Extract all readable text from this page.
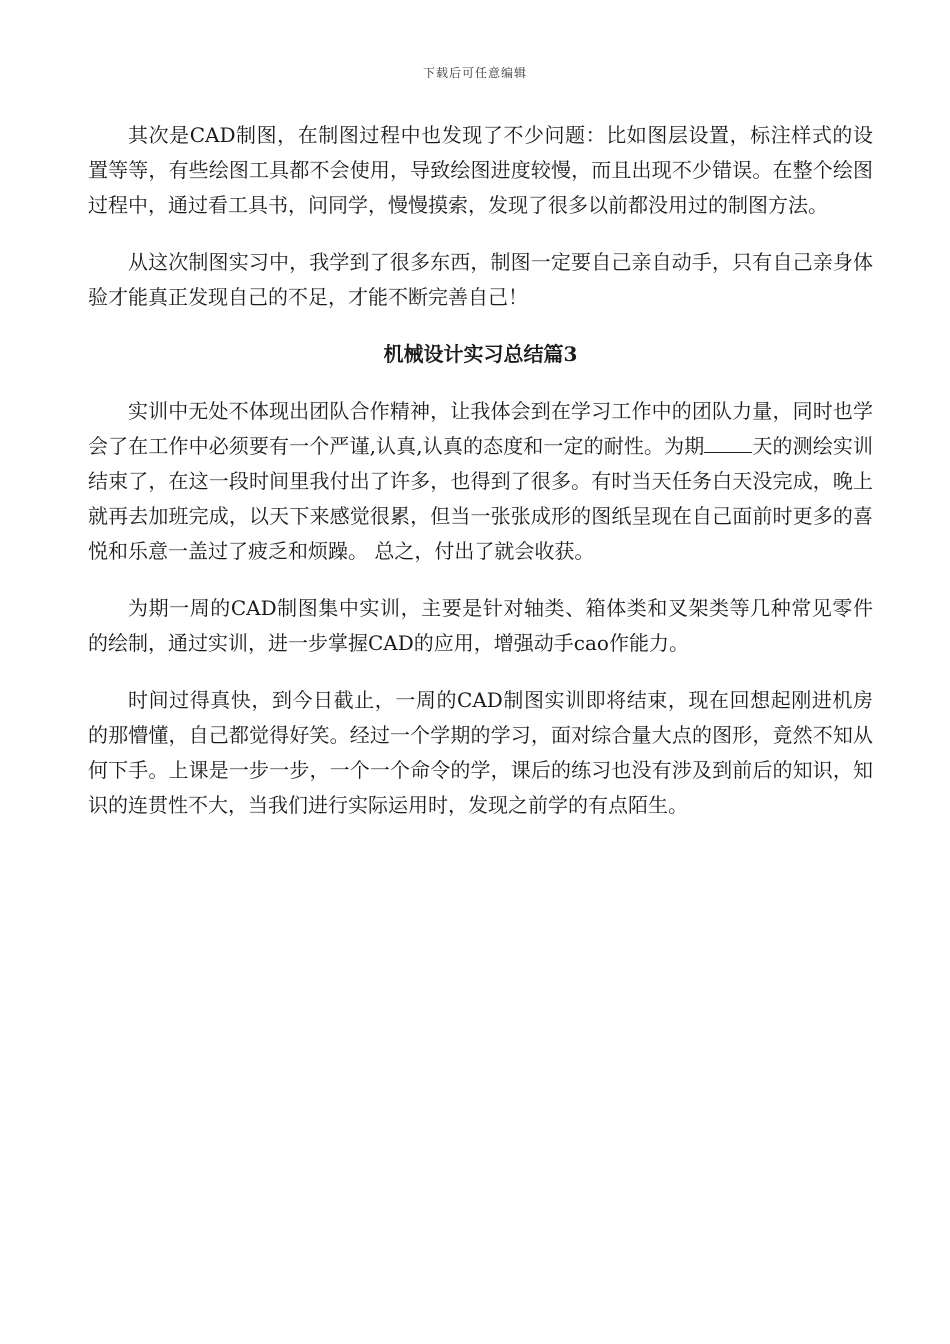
下载后可任意编辑

其次是CAD制图，在制图过程中也发现了不少问题：比如图层设置，标注样式的设置等等，有些绘图工具都不会使用，导致绘图进度较慢，而且出现不少错误。在整个绘图过程中，通过看工具书，问同学，慢慢摸索，发现了很多以前都没用过的制图方法。

从这次制图实习中，我学到了很多东西，制图一定要自己亲自动手，只有自己亲身体验才能真正发现自己的不足，才能不断完善自己！

机械设计实习总结篇3

实训中无处不体现出团队合作精神，让我体会到在学习工作中的团队力量，同时也学会了在工作中必须要有一个严谨,认真,认真的态度和一定的耐性。为期 天的测绘实训结束了，在这一段时间里我付出了许多，也得到了很多。有时当天任务白天没完成，晚上就再去加班完成，以天下来感觉很累，但当一张张成形的图纸呈现在自己面前时更多的喜悦和乐意一盖过了疲乏和烦躁。 总之，付出了就会收获。

为期一周的CAD制图集中实训，主要是针对轴类、箱体类和叉架类等几种常见零件的绘制，通过实训，进一步掌握CAD的应用，增强动手cao作能力。

时间过得真快，到今日截止，一周的CAD制图实训即将结束，现在回想起刚进机房的那懵懂，自己都觉得好笑。经过一个学期的学习，面对综合量大点的图形，竟然不知从何下手。上课是一步一步，一个一个命令的学，课后的练习也没有涉及到前后的知识，知识的连贯性不大，当我们进行实际运用时，发现之前学的有点陌生。
